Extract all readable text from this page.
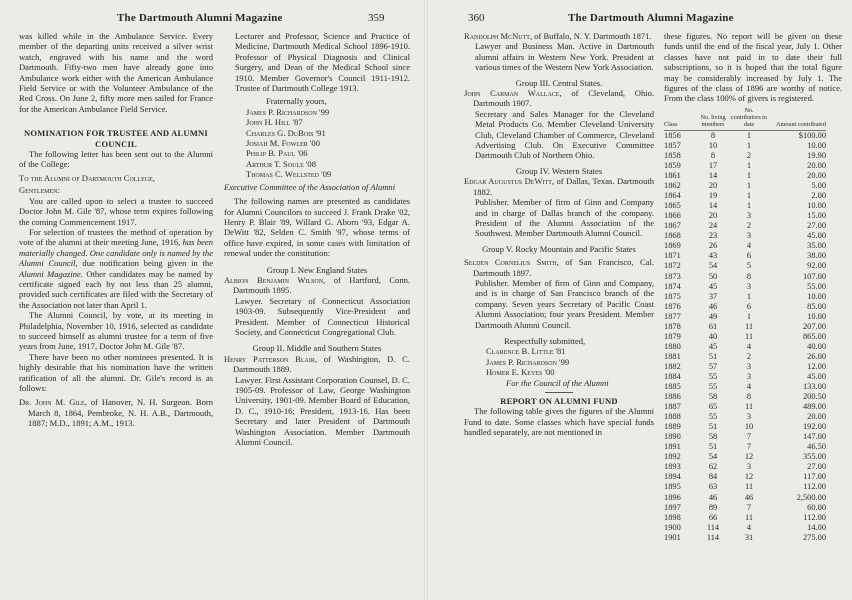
The Dartmouth Alumni Magazine	359

was killed while in the Ambulance Service. Every member of the departing units received a silver wrist watch, engraved with his name and the word Dartmouth. Fifty-two men have already gone into Ambulance work either with the American Ambulance Field Service or with the Volunteer Ambulance of the Red Cross. On June 2, fifty more men sailed for France for the American Ambulance Field Service.

NOMINATION FOR TRUSTEE AND ALUMNI COUNCIL

The following letter has been sent out to the Alumni of the College:

To the Alumni of Dartmouth College,

Gentlemen:

You are called upon to select a trustee to succeed Doctor John M. Gile '87, whose term expires following the coming Commencement 1917.

For selection of trustees the method of operation by vote of the alumni at their meeting June, 1916, has been materially changed. One candidate only is named by the Alumni Council, due notification being given in the Alumni Magazine. Other candidates may be named by certificate signed each by not less than 25 alumni, provided such certificates are filed with the Secretary of the Association not later than April 1.

The Alumni Council, by vote, at its meeting in Philadelphia, November 10, 1916, selected as candidate to succeed himself as alumni trustee for a term of five years from June, 1917, Doctor John M. Gile '87.

There have been no other nominees presented. It is highly desirable that his nomination have the written ratification of all the alumni. Dr. Gile's record is as follows:

Dr. John M. Gile, of Hanover, N. H. Surgeon. Born March 8, 1864, Pembroke, N. H. A.B., Dartmouth, 1887; M.D., 1891; A.M., 1913.

Lecturer and Professor, Science and Practice of Medicine, Dartmouth Medical School 1896-1910. Professor of Physical Diagnosis and Clinical Surgery, and Dean of the Medical School since 1910. Member Governor's Council 1911-1912. Trustee of Dartmouth College 1913.

Fraternally yours,

James P. Richardson '99

John H. Hill '87

Charles G. DuBois '91

Josiah M. Fowler '00

Philip B. Paul '06

Arthur T. Soule '08

Thomas C. Wellsted '09

Executive Committee of the Association of Alumni

The following names are presented as candidates for Alumni Councilors to succeed J. Frank Drake '02, Henry P. Blair '89, Willard G. Aborn '93, Edgar A. DeWitt '82, Selden C. Smith '97, whose terms of office have expired, in some cases with limitation of renewal under the constitution:

Group I. New England States

Albion Benjamin Wilson, of Hartford, Conn. Dartmouth 1895.

Lawyer. Secretary of Connecticut Association 1903-09. Subsequently Vice-President and President. Member of Connecticut Historical Society, and Connecticut Congregational Club.

Group II. Middle and Southern States

Henry Patterson Blair, of Washington, D. C. Dartmouth 1889.

Lawyer. First Assistant Corporation Counsel, D. C. 1905-09. Professor of Law, George Washington University, 1901-09. Member Board of Education, D. C., 1910-16; President, 1913-16. Has been Secretary and later President of Dartmouth Washington Association. Member Dartmouth Alumni Council.

360	The Dartmouth Alumni Magazine

Randolph McNutt, of Buffalo, N. Y. Dartmouth 1871.

Lawyer and Business Man. Active in Dartmouth alumni affairs in Western New York. President at various times of the Western New York Association.

Group III. Central States.

John Carman Wallace, of Cleveland, Ohio. Dartmouth 1907.

Secretary and Sales Manager for the Cleveland Metal Products Co. Member Cleveland University Club, Cleveland Chamber of Commerce, Cleveland Advertising Club. On Executive Committee Dartmouth Club of Northern Ohio.

Group IV. Western States

Edgar Augustus DeWitt, of Dallas, Texas. Dartmouth 1882.

Publisher. Member of firm of Ginn and Company and in charge of Dallas branch of the company. President of the Alumni Association of the Southwest. Member Dartmouth Alumni Council.

Group V. Rocky Mountain and Pacific States

Selden Cornelius Smith, of San Francisco, Cal. Dartmouth 1897.

Publisher. Member of firm of Ginn and Company, and is in charge of San Francisco branch of the company. Seven years Secretary of Pacific Coast Alumni Association; four years President. Member Dartmouth Alumni Council.

Respectfully submitted,

Clarence B. Little '81

James P. Richardson '99

Homer E. Keyes '00

For the Council of the Alumni

REPORT ON ALUMNI FUND

The following table gives the figures of the Alumni Fund to date. Some classes which have special funds handled separately, are not mentioned in

these figures. No report will be given on these funds until the end of the fiscal year, July 1. Other classes have not paid in to date their full subscriptions, so it is hoped that the total figure may be considerably increased by July 1. The figures of the class of 1896 are worthy of notice. From the class 100% of givers is registered.

Class	No. living members	No. contributors to date	Amount contributed
1856	8	1	$100.00
1857	10	1	10.00
1858	8	2	19.90
1859	17	1	20.00
1861	14	1	20.00
1862	20	1	5.00
1864	19	1	2.00
1865	14	1	10.00
1866	20	3	15.00
1867	24	2	27.00
1868	23	3	45.00
1869	26	4	35.00
1871	43	6	38.00
1872	54	5	92.00
1873	50	8	107.00
1874	45	3	55.00
1875	37	1	10.00
1876	46	6	85.00
1877	49	1	10.00
1878	61	11	207.00
1879	40	11	865.00
1880	45	4	40.00
1881	51	2	26.00
1882	57	3	12.00
1884	55	3	45.00
1885	55	4	133.00
1886	58	8	200.50
1887	65	11	489.00
1888	55	3	20.00
1889	51	10	192.00
1890	58	7	147.00
1891	51	7	46.50
1892	54	12	355.00
1893	62	3	27.00
1894	84	12	117.00
1895	63	11	112.00
1896	46	46	2,500.00
1897	89	7	60.00
1898	66	11	112.00
1900	114	4	14.00
1901	114	31	275.00
